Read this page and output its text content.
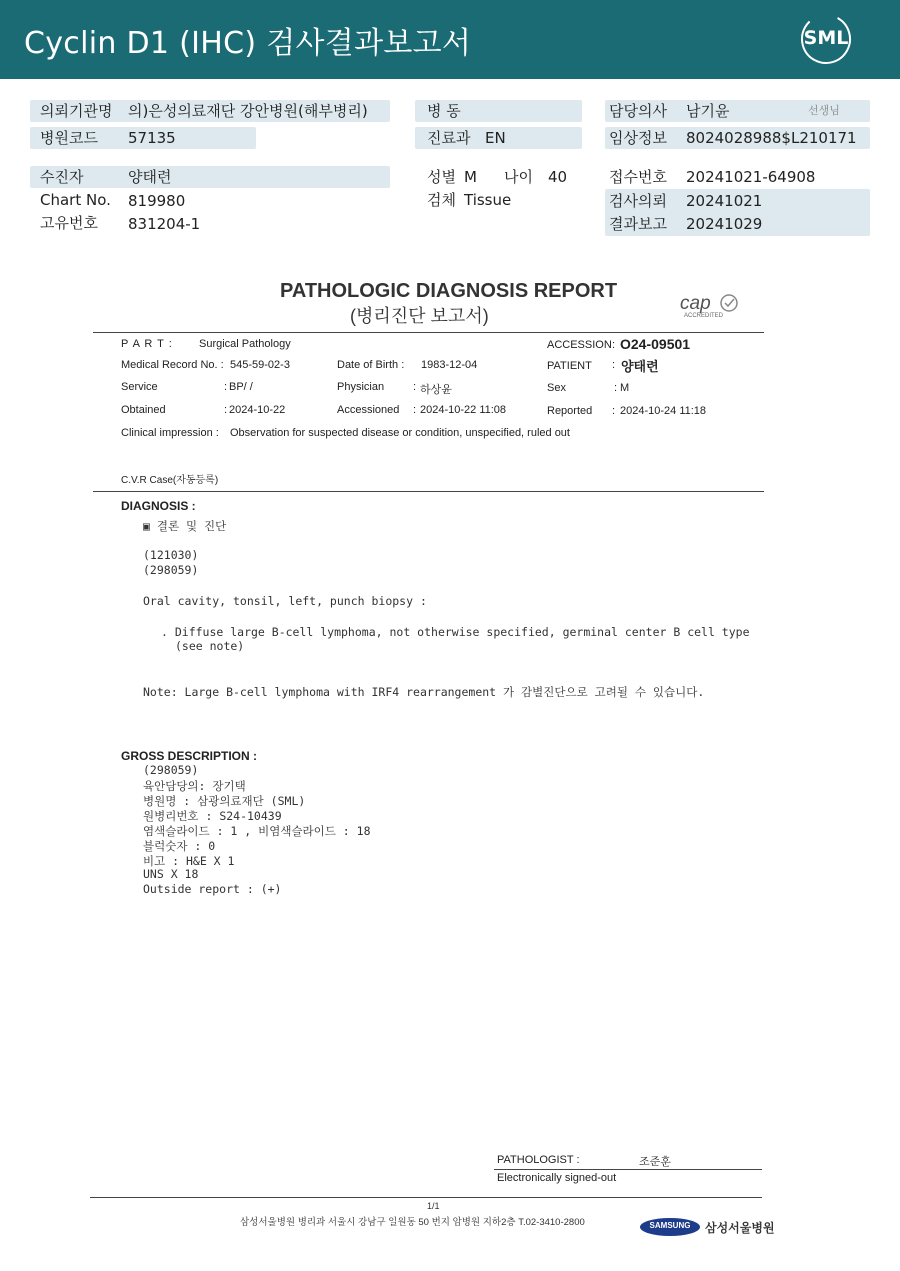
Cyclin D1 (IHC) 검사결과보고서	SML
의뢰기관명 의)은성의료재단 강안병원(해부병리)	병 동	담당의사 남기윤	선생님
병원코드 57135	진료과 EN	임상정보 8024028988$L210171
수진자	양태련	성별 M 나이 40	접수번호 20241021-64908
Chart No. 819980	검체 Tissue	검사의뢰 20241021
고유번호 831204-1	결과보고 20241029
PATHOLOGIC DIAGNOSIS REPORT
(병리진단 보고서)
cap
ACCREDITED
P A R T : Surgical Pathology	ACCESSION : O24-09501
Medical Record No. : 545-59-02-3	Date of Birth : 1983-12-04	PATIENT : 양태련
Service	: BP/ /	Physician	: 하상윤	Sex	: M
Obtained	: 2024-10-22	Accessioned : 2024-10-22 11:08	Reported : 2024-10-24 11:18
Clinical impression : Observation for suspected disease or condition, unspecified, ruled out
C.V.R Case(자동등록)
DIAGNOSIS :
▣ 결론 및 진단
(121030)
(298059)
Oral cavity, tonsil, left, punch biopsy :
. Diffuse large B-cell lymphoma, not otherwise specified, germinal center B cell type
(see note)
Note: Large B-cell lymphoma with IRF4 rearrangement 가 감별진단으로 고려될 수 있습니다.
GROSS DESCRIPTION :
(298059)
육안담당의: 장기택
병원명 : 삼광의료재단 (SML)
원병리번호 : S24-10439
염색슬라이드 : 1 , 비염색슬라이드 : 18
블럭숫자 : 0
비고 : H&E X 1
UNS X 18
Outside report : (+)
PATHOLOGIST :	조준훈
Electronically signed-out
1/1
삼성서울병원 병리과 서울시 강남구 일원동 50 번지 암병원 지하2층 T.02-3410-2800	SAMSUNG	삼성서울병원
